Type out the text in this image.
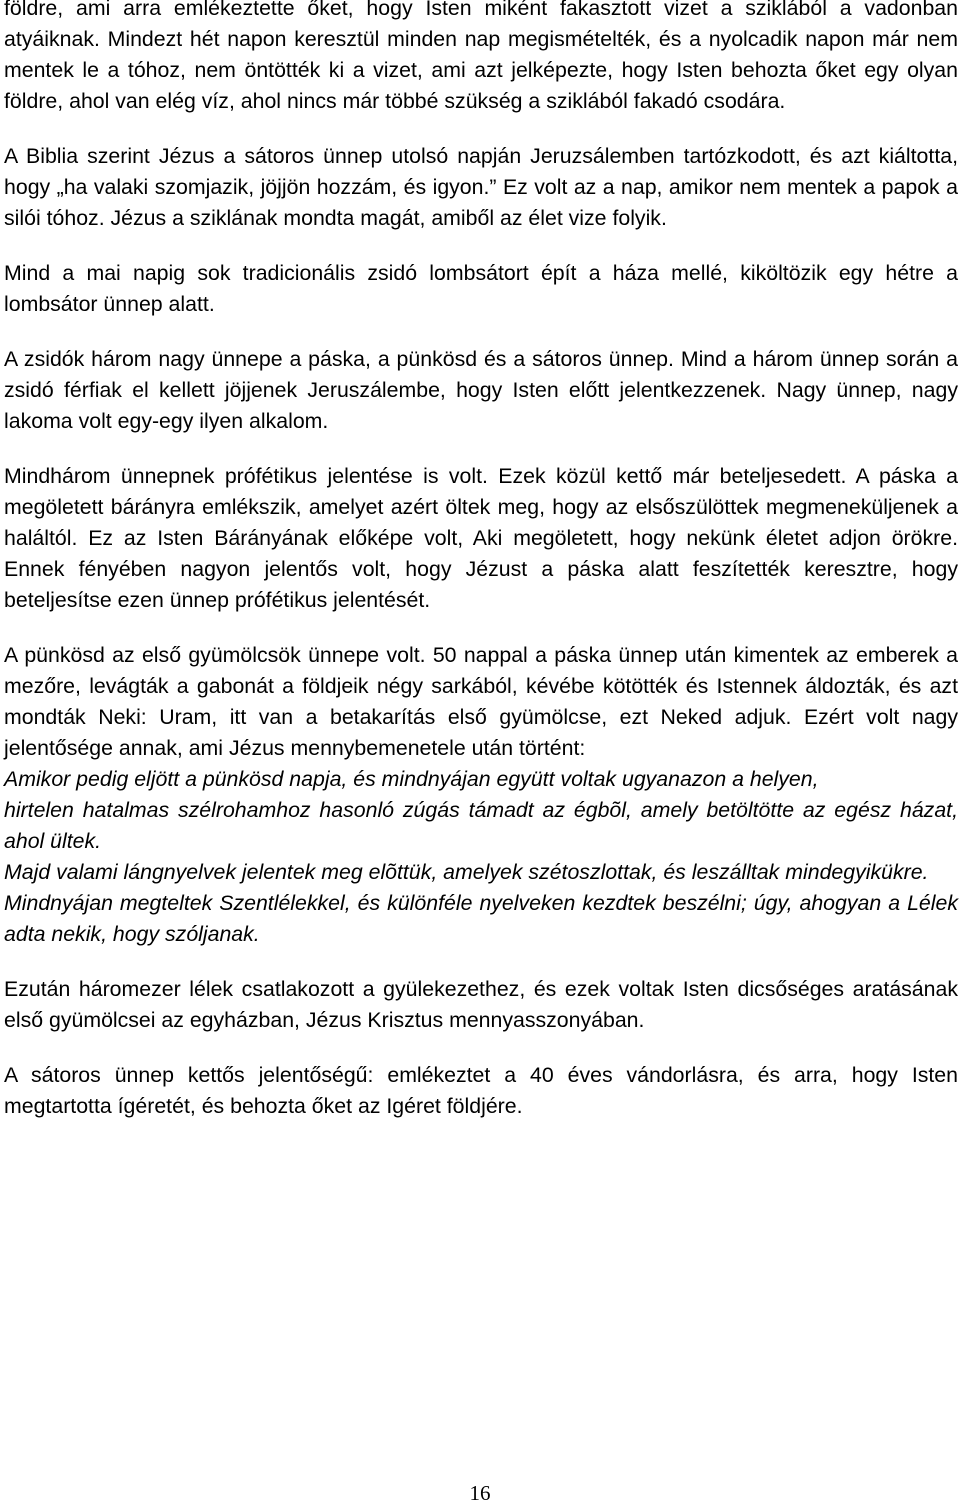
földre, ami arra emlékeztette őket, hogy Isten miként fakasztott vizet a sziklából a vadonban atyáiknak. Mindezt hét napon keresztül minden nap megismételték, és a nyolcadik napon már nem mentek le a tóhoz, nem öntötték ki a vizet, ami azt jelképezte, hogy Isten behozta őket egy olyan földre, ahol van elég víz, ahol nincs már többé szükség a sziklából fakadó csodára.

A Biblia szerint Jézus a sátoros ünnep utolsó napján Jeruzsálemben tartózkodott, és azt kiáltotta, hogy „ha valaki szomjazik, jöjjön hozzám, és igyon.” Ez volt az a nap, amikor nem mentek a papok a silói tóhoz. Jézus a sziklának mondta magát, amiből az élet vize folyik.

Mind a mai napig sok tradicionális zsidó lombsátort épít a háza mellé, kiköltözik egy hétre a lombsátor ünnep alatt.

A zsidók három nagy ünnepe a páska, a pünkösd és a sátoros ünnep. Mind a három ünnep során a zsidó férfiak el kellett jöjjenek Jeruszálembe, hogy Isten előtt jelentkezzenek. Nagy ünnep, nagy lakoma volt egy-egy ilyen alkalom.

Mindhárom ünnepnek prófétikus jelentése is volt. Ezek közül kettő már beteljesedett. A páska a megöletett bárányra emlékszik, amelyet azért öltek meg, hogy az elsőszülöttek megmeneküljenek a haláltól. Ez az Isten Bárányának előképe volt, Aki megöletett, hogy nekünk életet adjon örökre. Ennek fényében nagyon jelentős volt, hogy Jézust a páska alatt feszítették keresztre, hogy beteljesítse ezen ünnep prófétikus jelentését.

A pünkösd az első gyümölcsök ünnepe volt. 50 nappal a páska ünnep után kimentek az emberek a mezőre, levágták a gabonát a földjeik négy sarkából, kévébe kötötték és Istennek áldozták, és azt mondták Neki: Uram, itt van a betakarítás első gyümölcse, ezt Neked adjuk. Ezért volt nagy jelentősége annak, ami Jézus mennybemenetele után történt:

Amikor pedig eljött a pünkösd napja, és mindnyájan együtt voltak ugyanazon a helyen,

hirtelen hatalmas szélrohamhoz hasonló zúgás támadt az égbõl, amely betöltötte az egész házat, ahol ültek.

Majd valami lángnyelvek jelentek meg elõttük, amelyek szétoszlottak, és leszálltak mindegyikükre.

Mindnyájan megteltek Szentlélekkel, és különféle nyelveken kezdtek beszélni; úgy, ahogyan a Lélek adta nekik, hogy szóljanak.

Ezután háromezer lélek csatlakozott a gyülekezethez, és ezek voltak Isten dicsőséges aratásának első gyümölcsei az egyházban, Jézus Krisztus mennyasszonyában.

A sátoros ünnep kettős jelentőségű: emlékeztet a 40 éves vándorlásra, és arra, hogy Isten megtartotta ígéretét, és behozta őket az Igéret földjére.

16
